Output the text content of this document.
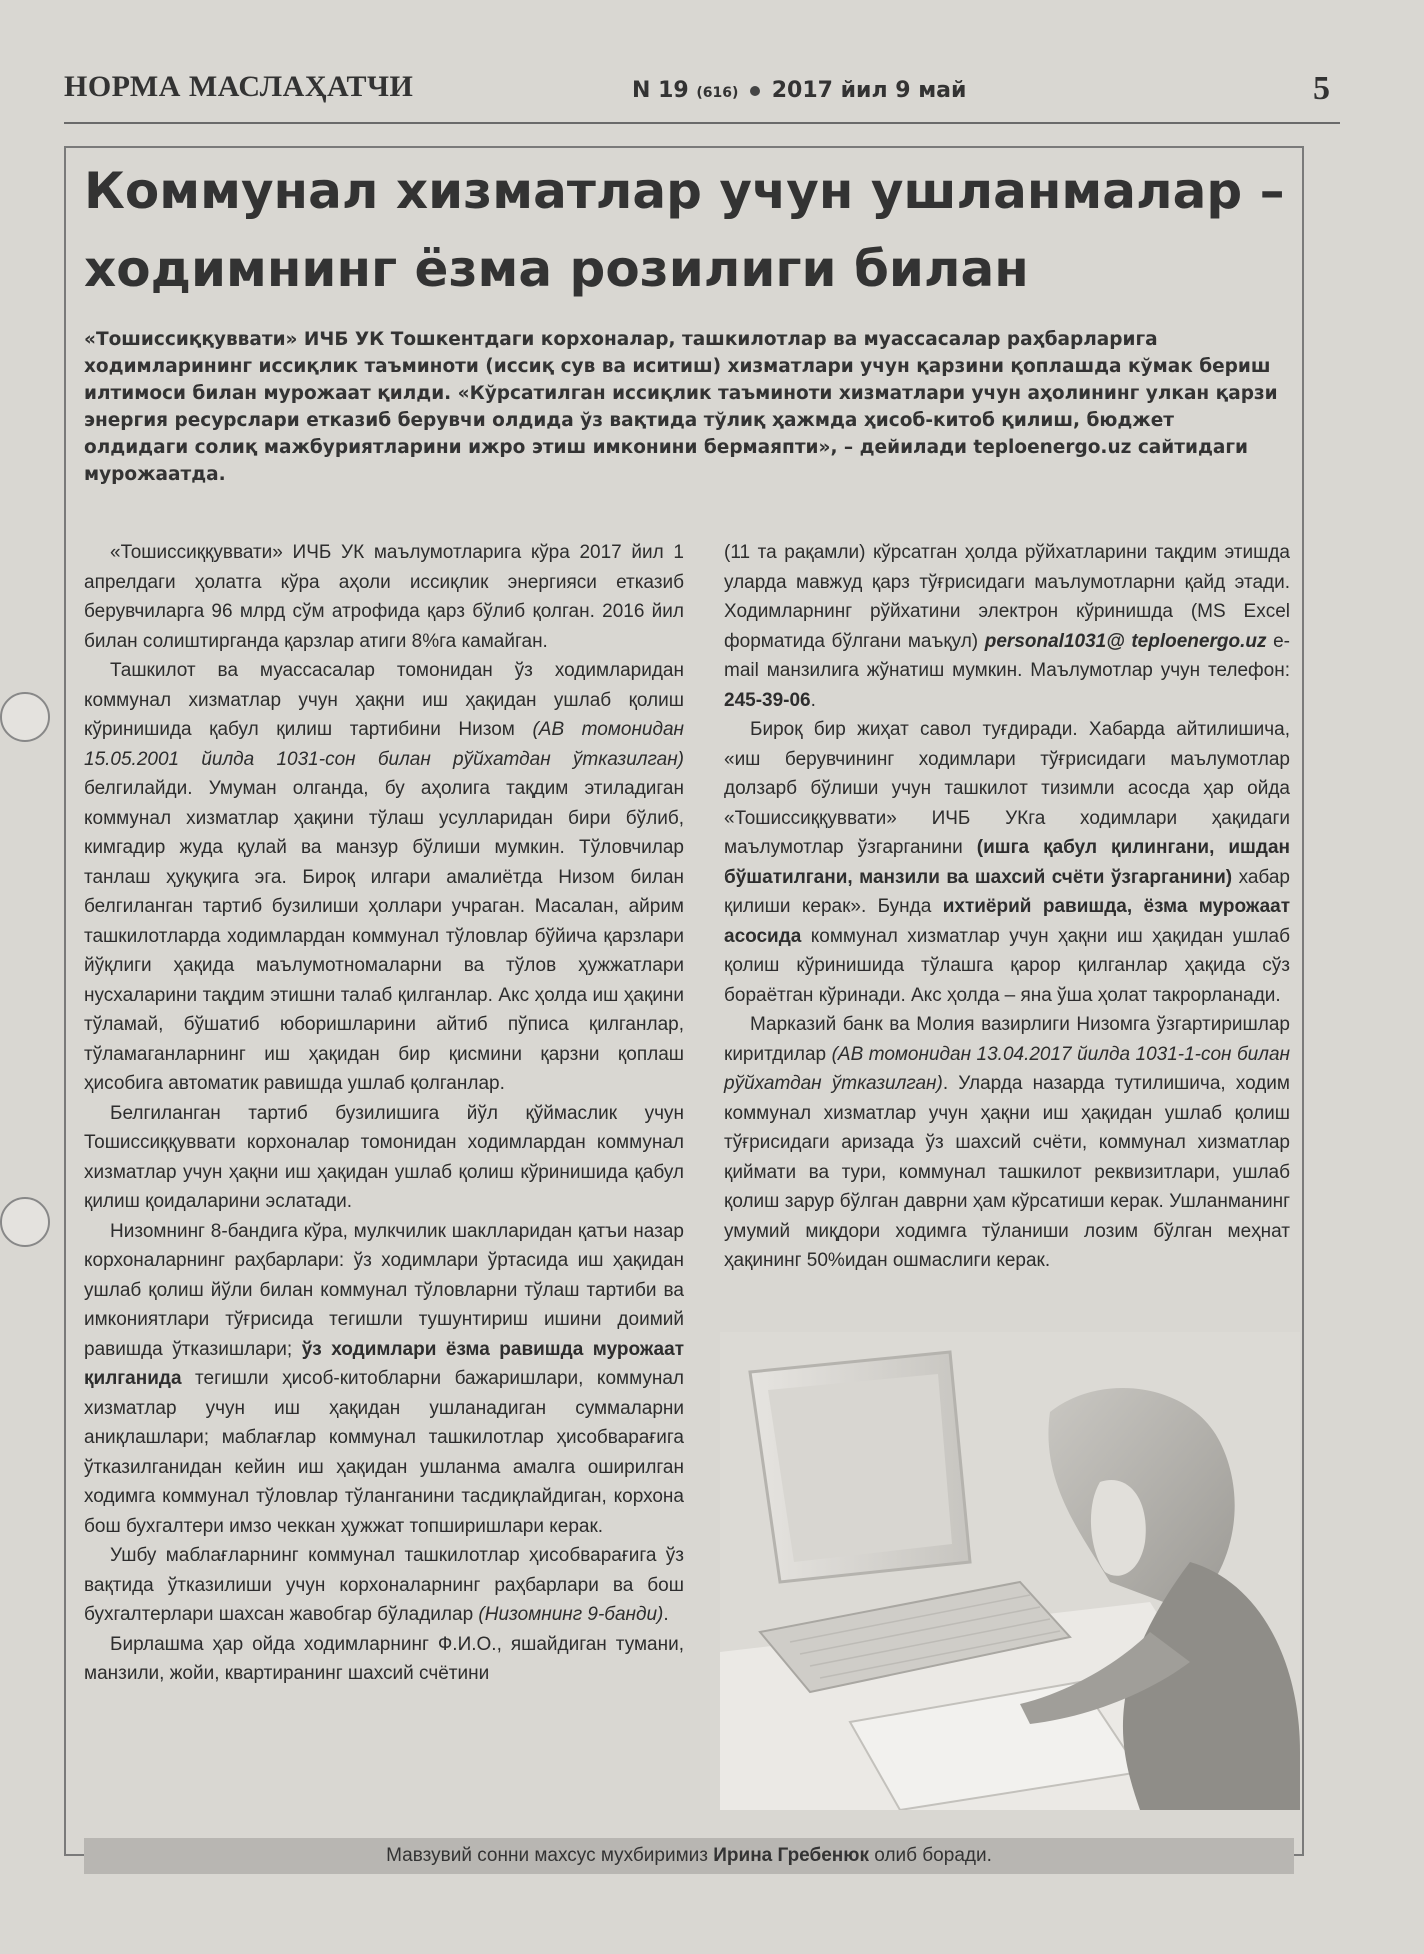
НОРМА МАСЛАҲАТЧИ	N 19 (616) 2017 йил 9 май	5
Коммунал хизматлар учун ушланмалар – ходимнинг ёзма розилиги билан

«Тошиссиққуввати» ИЧБ УК Тошкентдаги корхоналар, ташкилотлар ва муассасалар раҳбарларига ходимларининг иссиқлик таъминоти (иссиқ сув ва иситиш) хизматлари учун қарзини қоплашда кўмак бериш илтимоси билан мурожаат қилди. «Кўрсатилган иссиқлик таъминоти хизматлари учун аҳолининг улкан қарзи энергия ресурслари етказиб берувчи олдида ўз вақтида тўлиқ ҳажмда ҳисоб-китоб қилиш, бюджет олдидаги солиқ мажбуриятларини ижро этиш имконини бермаяпти», – дейилади teploenergo.uz сайтидаги мурожаатда.

«Тошиссиққуввати» ИЧБ УК маълумотларига кўра 2017 йил 1 апрелдаги ҳолатга кўра аҳоли иссиқлик энергияси етказиб берувчиларга 96 млрд сўм атрофида қарз бўлиб қолган. 2016 йил билан солиштирганда қарзлар атиги 8%га камайган.

Ташкилот ва муассасалар томонидан ўз ходимларидан коммунал хизматлар учун ҳақни иш ҳақидан ушлаб қолиш кўринишида қабул қилиш тартибини Низом (АВ томонидан 15.05.2001 йилда 1031-сон билан рўйхатдан ўтказилган) белгилайди. Умуман олганда, бу аҳолига тақдим этиладиган коммунал хизматлар ҳақини тўлаш усулларидан бири бўлиб, кимгадир жуда қулай ва манзур бўлиши мумкин. Тўловчилар танлаш ҳуқуқига эга. Бироқ илгари амалиётда Низом билан белгиланган тартиб бузилиши ҳоллари учраган. Масалан, айрим ташкилотларда ходимлардан коммунал тўловлар бўйича қарзлари йўқлиги ҳақида маълумотномаларни ва тўлов ҳужжатлари нусхаларини тақдим этишни талаб қилганлар. Акс ҳолда иш ҳақини тўламай, бўшатиб юборишларини айтиб пўписа қилганлар, тўламаганларнинг иш ҳақидан бир қисмини қарзни қоплаш ҳисобига автоматик равишда ушлаб қолганлар.

Белгиланган тартиб бузилишига йўл қўймаслик учун Тошиссиққуввати корхоналар томонидан ходимлардан коммунал хизматлар учун ҳақни иш ҳақидан ушлаб қолиш кўринишида қабул қилиш қоидаларини эслатади.

Низомнинг 8-бандига кўра, мулкчилик шаклларидан қатъи назар корхоналарнинг раҳбарлари: ўз ходимлари ўртасида иш ҳақидан ушлаб қолиш йўли билан коммунал тўловларни тўлаш тартиби ва имкониятлари тўғрисида тегишли тушунтириш ишини доимий равишда ўтказишлари; ўз ходимлари ёзма равишда мурожаат қилганида тегишли ҳисоб-китобларни бажаришлари, коммунал хизматлар учун иш ҳақидан ушланадиган суммаларни аниқлашлари; маблағлар коммунал ташкилотлар ҳисобварағига ўтказилганидан кейин иш ҳақидан ушланма амалга оширилган ходимга коммунал тўловлар тўланганини тасдиқлайдиган, корхона бош бухгалтери имзо чеккан ҳужжат топширишлари керак.

Ушбу маблағларнинг коммунал ташкилотлар ҳисобварағига ўз вақтида ўтказилиши учун корхоналарнинг раҳбарлари ва бош бухгалтерлари шахсан жавобгар бўладилар (Низомнинг 9-банди).

Бирлашма ҳар ойда ходимларнинг Ф.И.О., яшайдиган тумани, манзили, жойи, квартиранинг шахсий счётини

(11 та рақамли) кўрсатган ҳолда рўйхатларини тақдим этишда уларда мавжуд қарз тўғрисидаги маълумотларни қайд этади. Ходимларнинг рўйхатини электрон кўринишда (MS Excel форматида бўлгани маъқул) personal1031@ teploenergo.uz e-mail манзилига жўнатиш мумкин. Маълумотлар учун телефон: 245-39-06.

Бироқ бир жиҳат савол туғдиради. Хабарда айтилишича, «иш берувчининг ходимлари тўғрисидаги маълумотлар долзарб бўлиши учун ташкилот тизимли асосда ҳар ойда «Тошиссиққуввати» ИЧБ УКга ходимлари ҳақидаги маълумотлар ўзгарганини (ишга қабул қилингани, ишдан бўшатилгани, манзили ва шахсий счёти ўзгарганини) хабар қилиши керак». Бунда ихтиёрий равишда, ёзма мурожаат асосида коммунал хизматлар учун ҳақни иш ҳақидан ушлаб қолиш кўринишида тўлашга қарор қилганлар ҳақида сўз бораётган кўринади. Акс ҳолда – яна ўша ҳолат такрорланади.

Марказий банк ва Молия вазирлиги Низомга ўзгартиришлар киритдилар (АВ томонидан 13.04.2017 йилда 1031-1-сон билан рўйхатдан ўтказилган). Уларда назарда тутилишича, ходим коммунал хизматлар учун ҳақни иш ҳақидан ушлаб қолиш тўғрисидаги аризада ўз шахсий счёти, коммунал хизматлар қиймати ва тури, коммунал ташкилот реквизитлари, ушлаб қолиш зарур бўлган даврни ҳам кўрсатиши керак. Ушланманинг умумий миқдори ходимга тўланиши лозим бўлган меҳнат ҳақининг 50%идан ошмаслиги керак.

Мавзувий сонни махсус мухбиримиз Ирина Гребенюк олиб боради.
